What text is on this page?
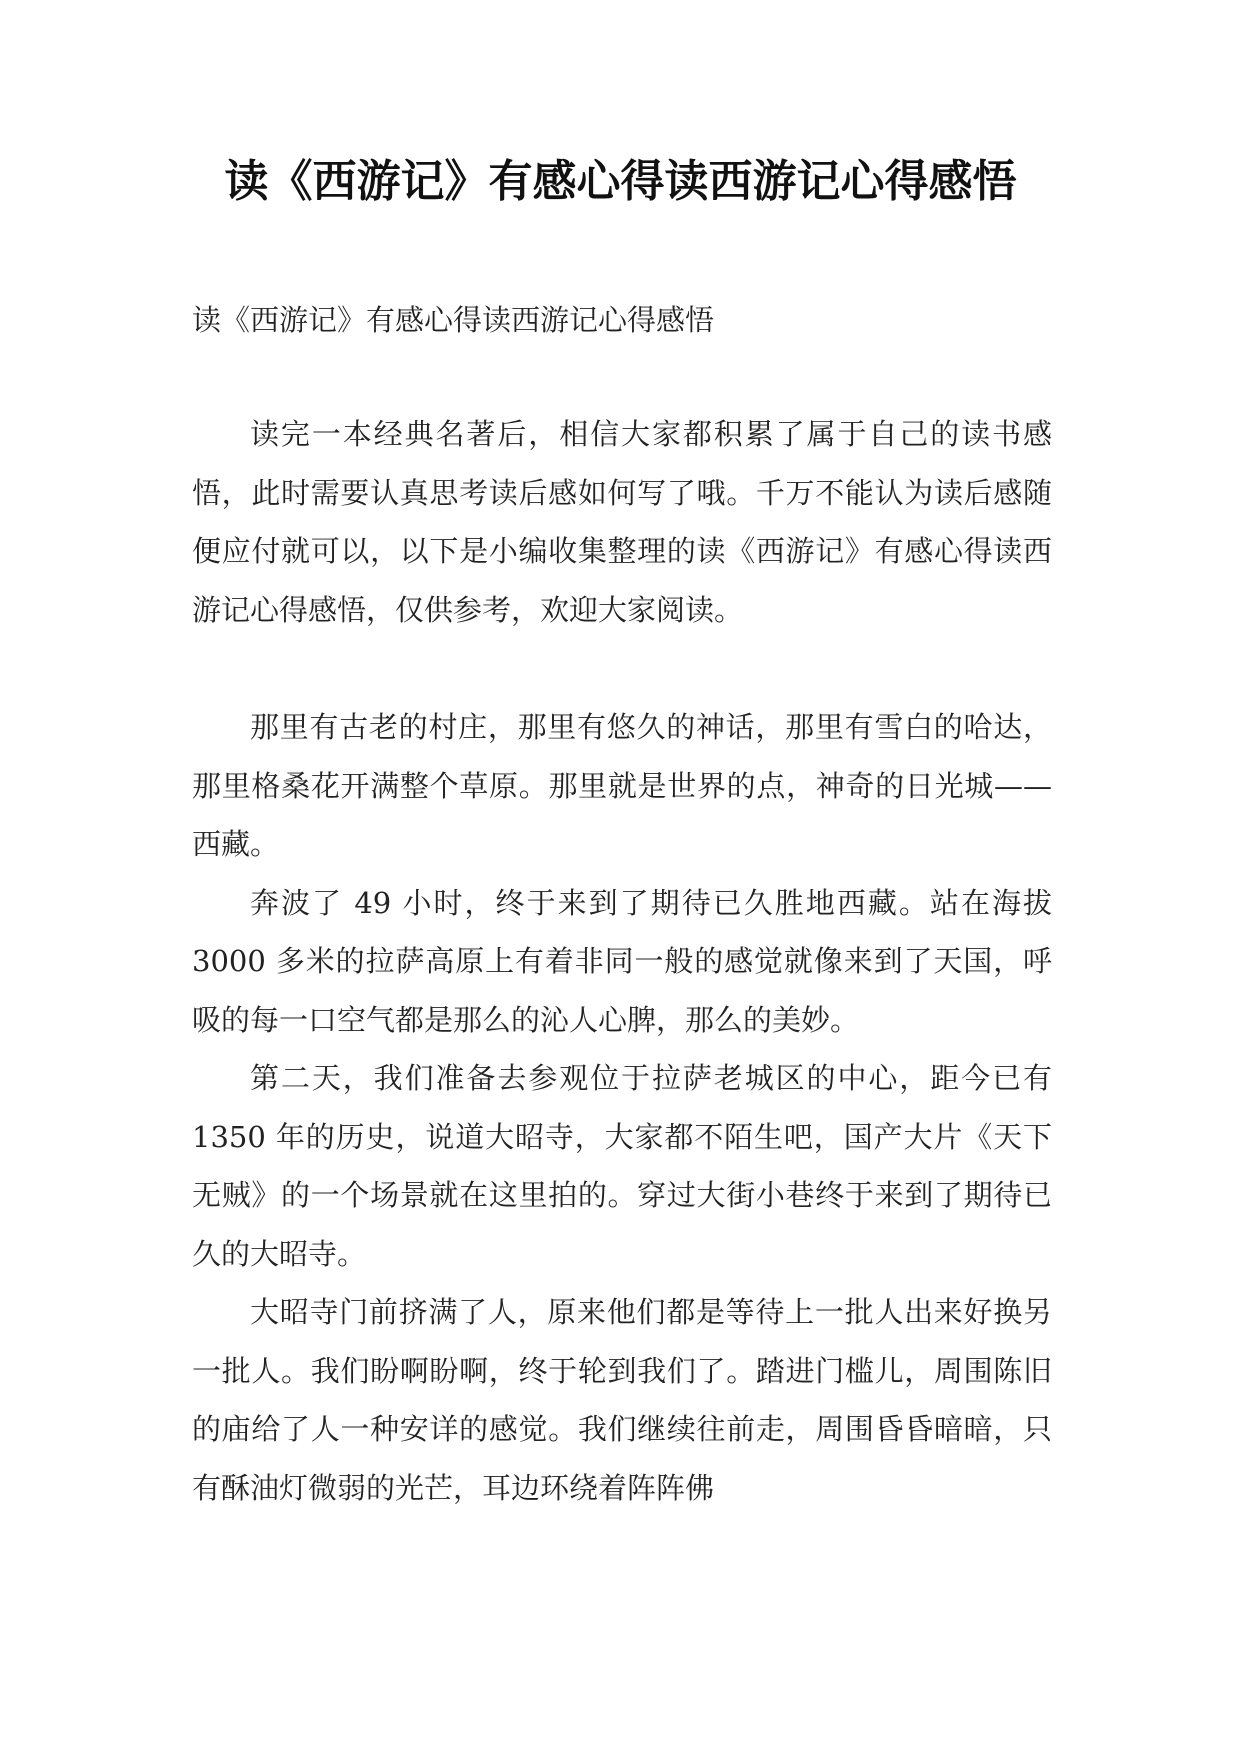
读《西游记》有感心得读西游记心得感悟
读《西游记》有感心得读西游记心得感悟

读完一本经典名著后，相信大家都积累了属于自己的读书感悟，此时需要认真思考读后感如何写了哦。千万不能认为读后感随便应付就可以，以下是小编收集整理的读《西游记》有感心得读西游记心得感悟，仅供参考，欢迎大家阅读。

那里有古老的村庄，那里有悠久的神话，那里有雪白的哈达，那里格桑花开满整个草原。那里就是世界的点，神奇的日光城——西藏。

奔波了 49 小时，终于来到了期待已久胜地西藏。站在海拔 3000 多米的拉萨高原上有着非同一般的感觉就像来到了天国，呼吸的每一口空气都是那么的沁人心脾，那么的美妙。

第二天，我们准备去参观位于拉萨老城区的中心，距今已有 1350 年的历史，说道大昭寺，大家都不陌生吧，国产大片《天下无贼》的一个场景就在这里拍的。穿过大街小巷终于来到了期待已久的大昭寺。

大昭寺门前挤满了人，原来他们都是等待上一批人出来好换另一批人。我们盼啊盼啊，终于轮到我们了。踏进门槛儿，周围陈旧的庙给了人一种安详的感觉。我们继续往前走，周围昏昏暗暗，只有酥油灯微弱的光芒，耳边环绕着阵阵佛
